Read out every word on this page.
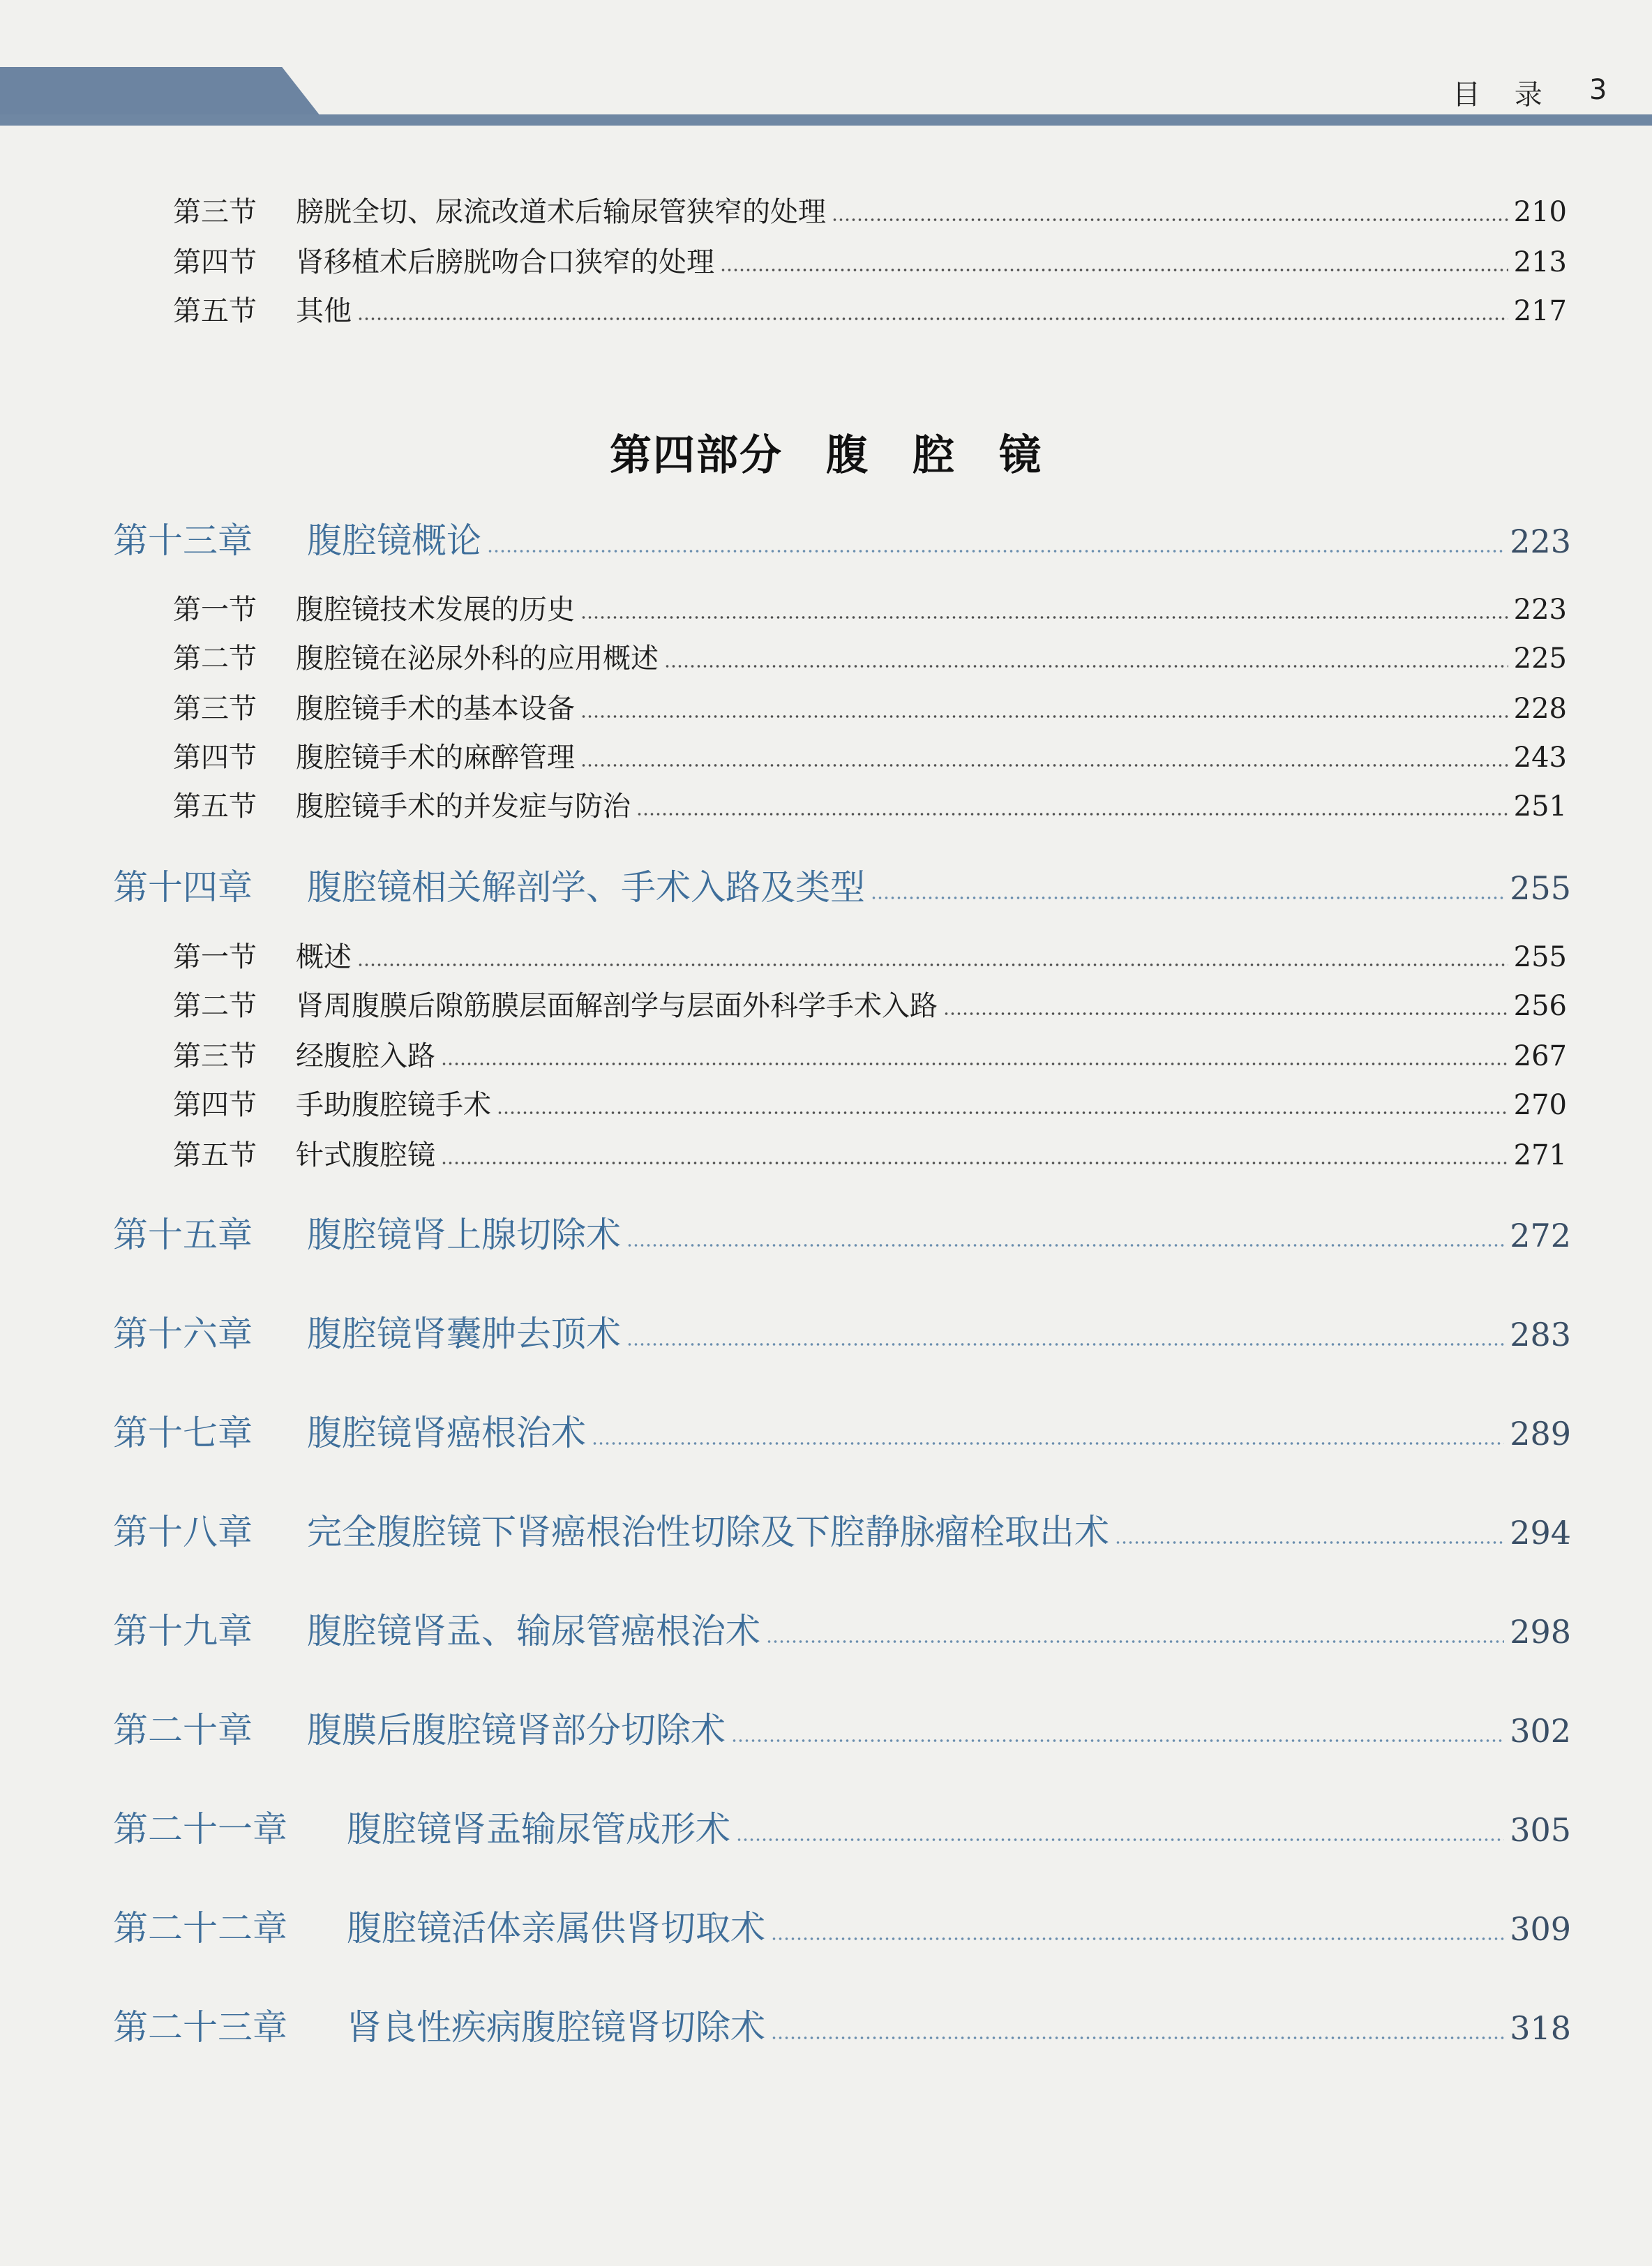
目 录 3
第四部分　腹　腔　镜
第三节	膀胱全切、尿流改道术后输尿管狭窄的处理	210
第四节	肾移植术后膀胱吻合口狭窄的处理	213
第五节	其他	217
第十三章	腹腔镜概论	223
第一节	腹腔镜技术发展的历史	223
第二节	腹腔镜在泌尿外科的应用概述	225
第三节	腹腔镜手术的基本设备	228
第四节	腹腔镜手术的麻醉管理	243
第五节	腹腔镜手术的并发症与防治	251
第十四章	腹腔镜相关解剖学、手术入路及类型	255
第一节	概述	255
第二节	肾周腹膜后隙筋膜层面解剖学与层面外科学手术入路	256
第三节	经腹腔入路	267
第四节	手助腹腔镜手术	270
第五节	针式腹腔镜	271
第十五章	腹腔镜肾上腺切除术	272
第十六章	腹腔镜肾囊肿去顶术	283
第十七章	腹腔镜肾癌根治术	289
第十八章	完全腹腔镜下肾癌根治性切除及下腔静脉瘤栓取出术	294
第十九章	腹腔镜肾盂、输尿管癌根治术	298
第二十章	腹膜后腹腔镜肾部分切除术	302
第二十一章	腹腔镜肾盂输尿管成形术	305
第二十二章	腹腔镜活体亲属供肾切取术	309
第二十三章	肾良性疾病腹腔镜肾切除术	318
